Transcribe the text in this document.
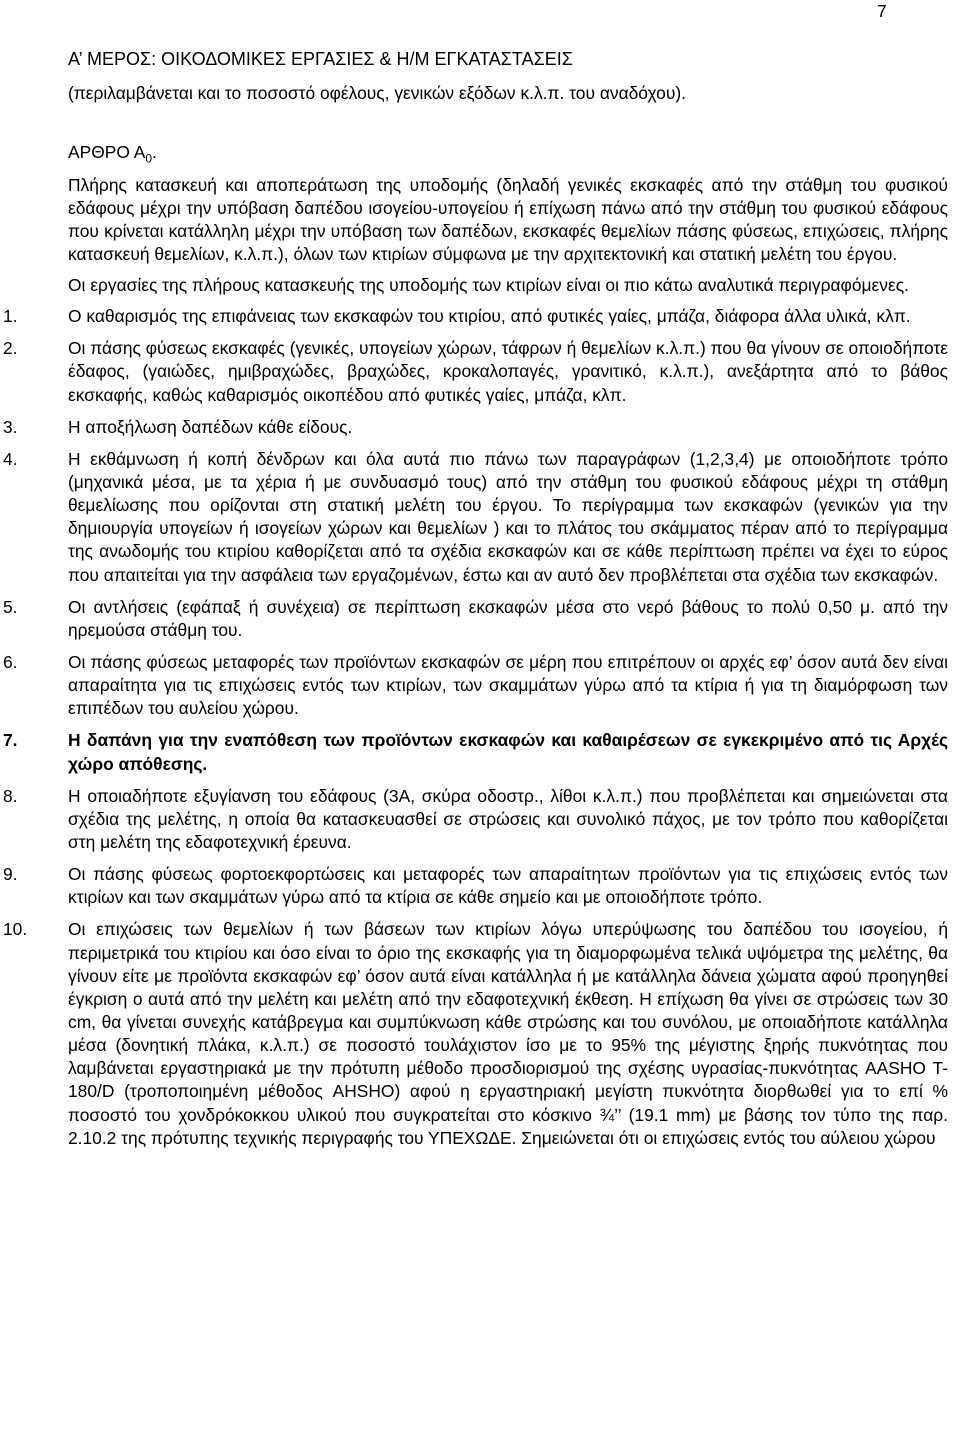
7
Α’ ΜΕΡΟΣ: ΟΙΚΟΔΟΜΙΚΕΣ ΕΡΓΑΣΙΕΣ & Η/Μ ΕΓΚΑΤΑΣΤΑΣΕΙΣ
(περιλαμβάνεται και το ποσοστό οφέλους, γενικών εξόδων κ.λ.π. του αναδόχου).
ΑΡΘΡΟ $A_0$.

Πλήρης κατασκευή και αποπεράτωση της υποδομής (δηλαδή γενικές εκσκαφές από την στάθμη του φυσικού εδάφους μέχρι την υπόβαση δαπέδου ισογείου-υπογείου ή επίχωση πάνω από την στάθμη του φυσικού εδάφους που κρίνεται κατάλληλη μέχρι την υπόβαση των δαπέδων, εκσκαφές θεμελίων πάσης φύσεως, επιχώσεις, πλήρης κατασκευή θεμελίων, κ.λ.π.), όλων των κτιρίων σύμφωνα με την αρχιτεκτονική και στατική μελέτη του έργου.

Οι εργασίες της πλήρους κατασκευής της υποδομής των κτιρίων είναι οι πιο κάτω αναλυτικά περιγραφόμενες.

1.	Ο καθαρισμός της επιφάνειας των εκσκαφών του κτιρίου, από φυτικές γαίες, μπάζα, διάφορα άλλα υλικά, κλπ.
2.	Οι πάσης φύσεως εκσκαφές (γενικές, υπογείων χώρων, τάφρων ή θεμελίων κ.λ.π.) που θα γίνουν σε οποιοδήποτε έδαφος, (γαιώδες, ημιβραχώδες, βραχώδες, κροκαλοπαγές, γρανιτικό, κ.λ.π.), ανεξάρτητα από το βάθος εκσκαφής, καθώς καθαρισμός οικοπέδου από φυτικές γαίες, μπάζα, κλπ.
3.	Η αποξήλωση δαπέδων κάθε είδους.
4.	Η εκθάμνωση ή κοπή δένδρων και όλα αυτά πιο πάνω των παραγράφων (1,2,3,4) με οποιοδήποτε τρόπο (μηχανικά μέσα, με τα χέρια ή με συνδυασμό τους) από την στάθμη του φυσικού εδάφους μέχρι τη στάθμη θεμελίωσης που ορίζονται στη στατική μελέτη του έργου. Το περίγραμμα των εκσκαφών (γενικών για την δημιουργία υπογείων ή ισογείων χώρων και θεμελίων ) και το πλάτος του σκάμματος πέραν από το περίγραμμα της ανωδομής του κτιρίου καθορίζεται από τα σχέδια εκσκαφών και σε κάθε περίπτωση πρέπει να έχει το εύρος που απαιτείται για την ασφάλεια των εργαζομένων, έστω και αν αυτό δεν προβλέπεται στα σχέδια των εκσκαφών.
5.	Οι αντλήσεις (εφάπαξ ή συνέχεια) σε περίπτωση εκσκαφών μέσα στο νερό βάθους το πολύ 0,50 μ. από την ηρεμούσα στάθμη του.
6.	Οι πάσης φύσεως μεταφορές των προϊόντων εκσκαφών σε μέρη που επιτρέπουν οι αρχές εφ’ όσον αυτά δεν είναι απαραίτητα για τις επιχώσεις εντός των κτιρίων, των σκαμμάτων γύρω από τα κτίρια ή για τη διαμόρφωση των επιπέδων του αυλείου χώρου.
7.	Η δαπάνη για την εναπόθεση των προϊόντων εκσκαφών και καθαιρέσεων σε εγκεκριμένο από τις Αρχές χώρο απόθεσης.
8.	Η οποιαδήποτε εξυγίανση του εδάφους (3Α, σκύρα οδοστρ., λίθοι κ.λ.π.) που προβλέπεται και σημειώνεται στα σχέδια της μελέτης, η οποία θα κατασκευασθεί σε στρώσεις και συνολικό πάχος, με τον τρόπο που καθορίζεται στη μελέτη της εδαφοτεχνική έρευνα.
9.	Οι πάσης φύσεως φορτοεκφορτώσεις και μεταφορές των απαραίτητων προϊόντων για τις επιχώσεις εντός των κτιρίων και των σκαμμάτων γύρω από τα κτίρια σε κάθε σημείο και με οποιοδήποτε τρόπο.
10.	Οι επιχώσεις των θεμελίων ή των βάσεων των κτιρίων λόγω υπερύψωσης του δαπέδου του ισογείου, ή περιμετρικά του κτιρίου και όσο είναι το όριο της εκσκαφής για τη διαμορφωμένα τελικά υψόμετρα της μελέτης, θα γίνουν είτε με προϊόντα εκσκαφών εφ’ όσον αυτά είναι κατάλληλα ή με κατάλληλα δάνεια χώματα αφού προηγηθεί έγκριση ο αυτά από την μελέτη και μελέτη από την εδαφοτεχνική έκθεση. Η επίχωση θα γίνει σε στρώσεις των 30 cm, θα γίνεται συνεχής κατάβρεγμα και συμπύκνωση κάθε στρώσης και του συνόλου, με οποιαδήποτε κατάλληλα μέσα (δονητική πλάκα, κ.λ.π.) σε ποσοστό τουλάχιστον ίσο με το 95% της μέγιστης ξηρής πυκνότητας που λαμβάνεται εργαστηριακά με την πρότυπη μέθοδο προσδιορισμού της σχέσης υγρασίας-πυκνότητας AASHO T-180/D (τροποποιημένη μέθοδος AHSHO) αφού η εργαστηριακή μεγίστη πυκνότητα διορθωθεί για το επί % ποσοστό του χονδρόκοκκου υλικού που συγκρατείται στο κόσκινο ¾’’ (19.1 mm) με βάσης τον τύπο της παρ. 2.10.2 της πρότυπης τεχνικής περιγραφής του ΥΠΕΧΩΔΕ. Σημειώνεται ότι οι επιχώσεις εντός του αύλειου χώρου
